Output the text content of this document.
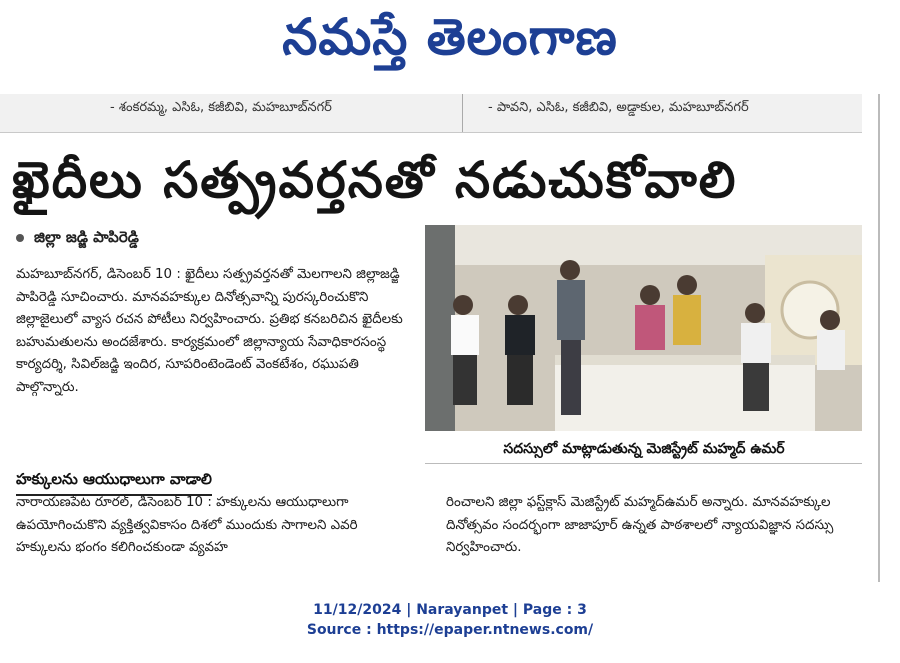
నమస్తే తెలంగాణ
- శంకరమ్మ, ఎసిఓ, కజీబివి, మహబూబ్‌నగర్	- పావని, ఎసిఓ, కజీబివి, అడ్డాకుల, మహబూబ్‌నగర్
ఖైదీలు సత్ప్రవర్తనతో నడుచుకోవాలి
జిల్లా జడ్జి పాపిరెడ్డి

మహబూబ్‌నగర్, డిసెంబర్ 10 : ఖైదీలు సత్ప్రవర్తనతో మెలగాలని జిల్లాజడ్జి పాపిరెడ్డి సూచించారు. మానవహక్కుల దినోత్సవాన్ని పురస్కరించుకొని జిల్లాజైలులో వ్యాస రచన పోటీలు నిర్వహించారు. ప్రతిభ కనబరిచిన ఖైదీలకు బహుమతులను అందజేశారు. కార్యక్రమంలో జిల్లాన్యాయ సేవాధికారసంస్థ కార్యదర్శి, సివిల్‌జడ్జి ఇందిర, సూపరింటెండెంట్ వెంకటేశం, రఘుపతి పాల్గొన్నారు.

సదస్సులో మాట్లాడుతున్న మెజిస్ట్రేట్ మహ్మద్ ఉమర్
హక్కులను ఆయుధాలుగా వాడాలి

నారాయణపేట రూరల్, డిసెంబర్ 10 : హక్కులను ఆయుధాలుగా ఉపయోగించుకొని వ్యక్తిత్వవికాసం దిశలో ముందుకు సాగాలని ఎవరి హక్కులను భంగం కలిగించకుండా వ్యవహ

రించాలని జిల్లా ఫస్ట్‌క్లాస్ మెజిస్ట్రేట్ మహ్మద్‌ఉమర్ అన్నారు. మానవహక్కుల దినోత్సవం సందర్భంగా జాజాపూర్ ఉన్నత పాఠశాలలో న్యాయవిజ్ఞాన సదస్సు నిర్వహించారు.

11/12/2024 | Narayanpet | Page : 3
Source : https://epaper.ntnews.com/
